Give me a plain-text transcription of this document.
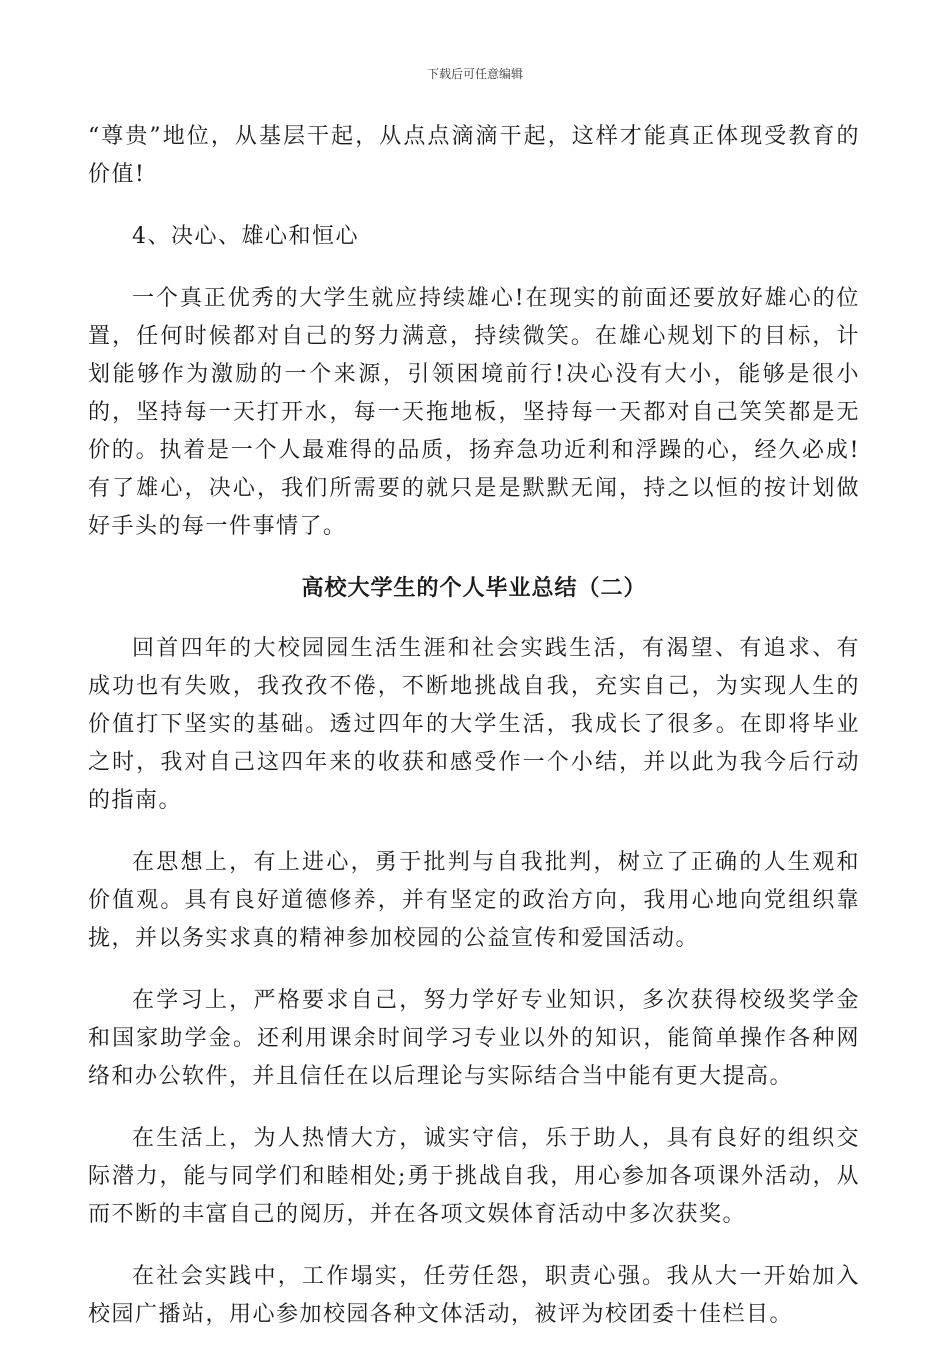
下载后可任意编辑

“尊贵”地位，从基层干起，从点点滴滴干起，这样才能真正体现受教育的价值!

4、决心、雄心和恒心

一个真正优秀的大学生就应持续雄心!在现实的前面还要放好雄心的位置，任何时候都对自己的努力满意，持续微笑。在雄心规划下的目标，计划能够作为激励的一个来源，引领困境前行!决心没有大小，能够是很小的，坚持每一天打开水，每一天拖地板，坚持每一天都对自己笑笑都是无价的。执着是一个人最难得的品质，扬弃急功近利和浮躁的心，经久必成!有了雄心，决心，我们所需要的就只是是默默无闻，持之以恒的按计划做好手头的每一件事情了。

高校大学生的个人毕业总结（二）

回首四年的大校园园生活生涯和社会实践生活，有渴望、有追求、有成功也有失败，我孜孜不倦，不断地挑战自我，充实自己，为实现人生的价值打下坚实的基础。透过四年的大学生活，我成长了很多。在即将毕业之时，我对自己这四年来的收获和感受作一个小结，并以此为我今后行动的指南。

在思想上，有上进心，勇于批判与自我批判，树立了正确的人生观和价值观。具有良好道德修养，并有坚定的政治方向，我用心地向党组织靠拢，并以务实求真的精神参加校园的公益宣传和爱国活动。

在学习上，严格要求自己，努力学好专业知识，多次获得校级奖学金和国家助学金。还利用课余时间学习专业以外的知识，能简单操作各种网络和办公软件，并且信任在以后理论与实际结合当中能有更大提高。

在生活上，为人热情大方，诚实守信，乐于助人，具有良好的组织交际潜力，能与同学们和睦相处;勇于挑战自我，用心参加各项课外活动，从而不断的丰富自己的阅历，并在各项文娱体育活动中多次获奖。

在社会实践中，工作塌实，任劳任怨，职责心强。我从大一开始加入校园广播站，用心参加校园各种文体活动，被评为校团委十佳栏目。
